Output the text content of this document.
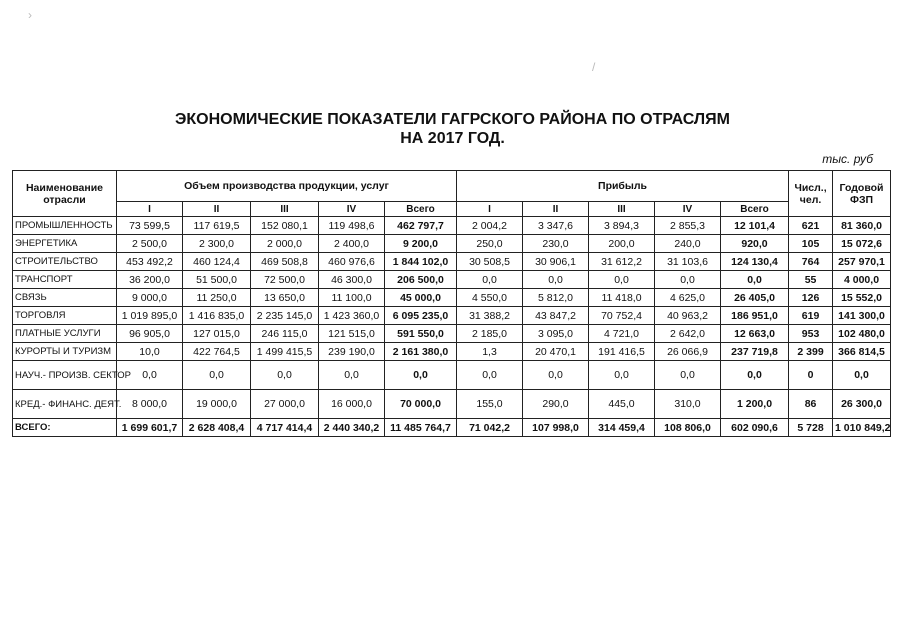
›
/
ЭКОНОМИЧЕСКИЕ ПОКАЗАТЕЛИ ГАГРСКОГО РАЙОНА ПО ОТРАСЛЯМ
НА 2017 ГОД.
тыс. руб
Наименование отрасли	Объем производства продукции, услуг					Прибыль					Числ., чел.	Годовой ФЗП
	I	II	III	IV	Всего	I	II	III	IV	Всего		
ПРОМЫШЛЕННОСТЬ	73 599,5	117 619,5	152 080,1	119 498,6	462 797,7	2 004,2	3 347,6	3 894,3	2 855,3	12 101,4	621	81 360,0
ЭНЕРГЕТИКА	2 500,0	2 300,0	2 000,0	2 400,0	9 200,0	250,0	230,0	200,0	240,0	920,0	105	15 072,6
СТРОИТЕЛЬСТВО	453 492,2	460 124,4	469 508,8	460 976,6	1 844 102,0	30 508,5	30 906,1	31 612,2	31 103,6	124 130,4	764	257 970,1
ТРАНСПОРТ	36 200,0	51 500,0	72 500,0	46 300,0	206 500,0	0,0	0,0	0,0	0,0	0,0	55	4 000,0
СВЯЗЬ	9 000,0	11 250,0	13 650,0	11 100,0	45 000,0	4 550,0	5 812,0	11 418,0	4 625,0	26 405,0	126	15 552,0
ТОРГОВЛЯ	1 019 895,0	1 416 835,0	2 235 145,0	1 423 360,0	6 095 235,0	31 388,2	43 847,2	70 752,4	40 963,2	186 951,0	619	141 300,0
ПЛАТНЫЕ УСЛУГИ	96 905,0	127 015,0	246 115,0	121 515,0	591 550,0	2 185,0	3 095,0	4 721,0	2 642,0	12 663,0	953	102 480,0
КУРОРТЫ И ТУРИЗМ	10,0	422 764,5	1 499 415,5	239 190,0	2 161 380,0	1,3	20 470,1	191 416,5	26 066,9	237 719,8	2 399	366 814,5
НАУЧ.- ПРОИЗВ. СЕКТОР	0,0	0,0	0,0	0,0	0,0	0,0	0,0	0,0	0,0	0,0	0	0,0
КРЕД.- ФИНАНС. ДЕЯТ.	8 000,0	19 000,0	27 000,0	16 000,0	70 000,0	155,0	290,0	445,0	310,0	1 200,0	86	26 300,0
ВСЕГО:	1 699 601,7	2 628 408,4	4 717 414,4	2 440 340,2	11 485 764,7	71 042,2	107 998,0	314 459,4	108 806,0	602 090,6	5 728	1 010 849,2
